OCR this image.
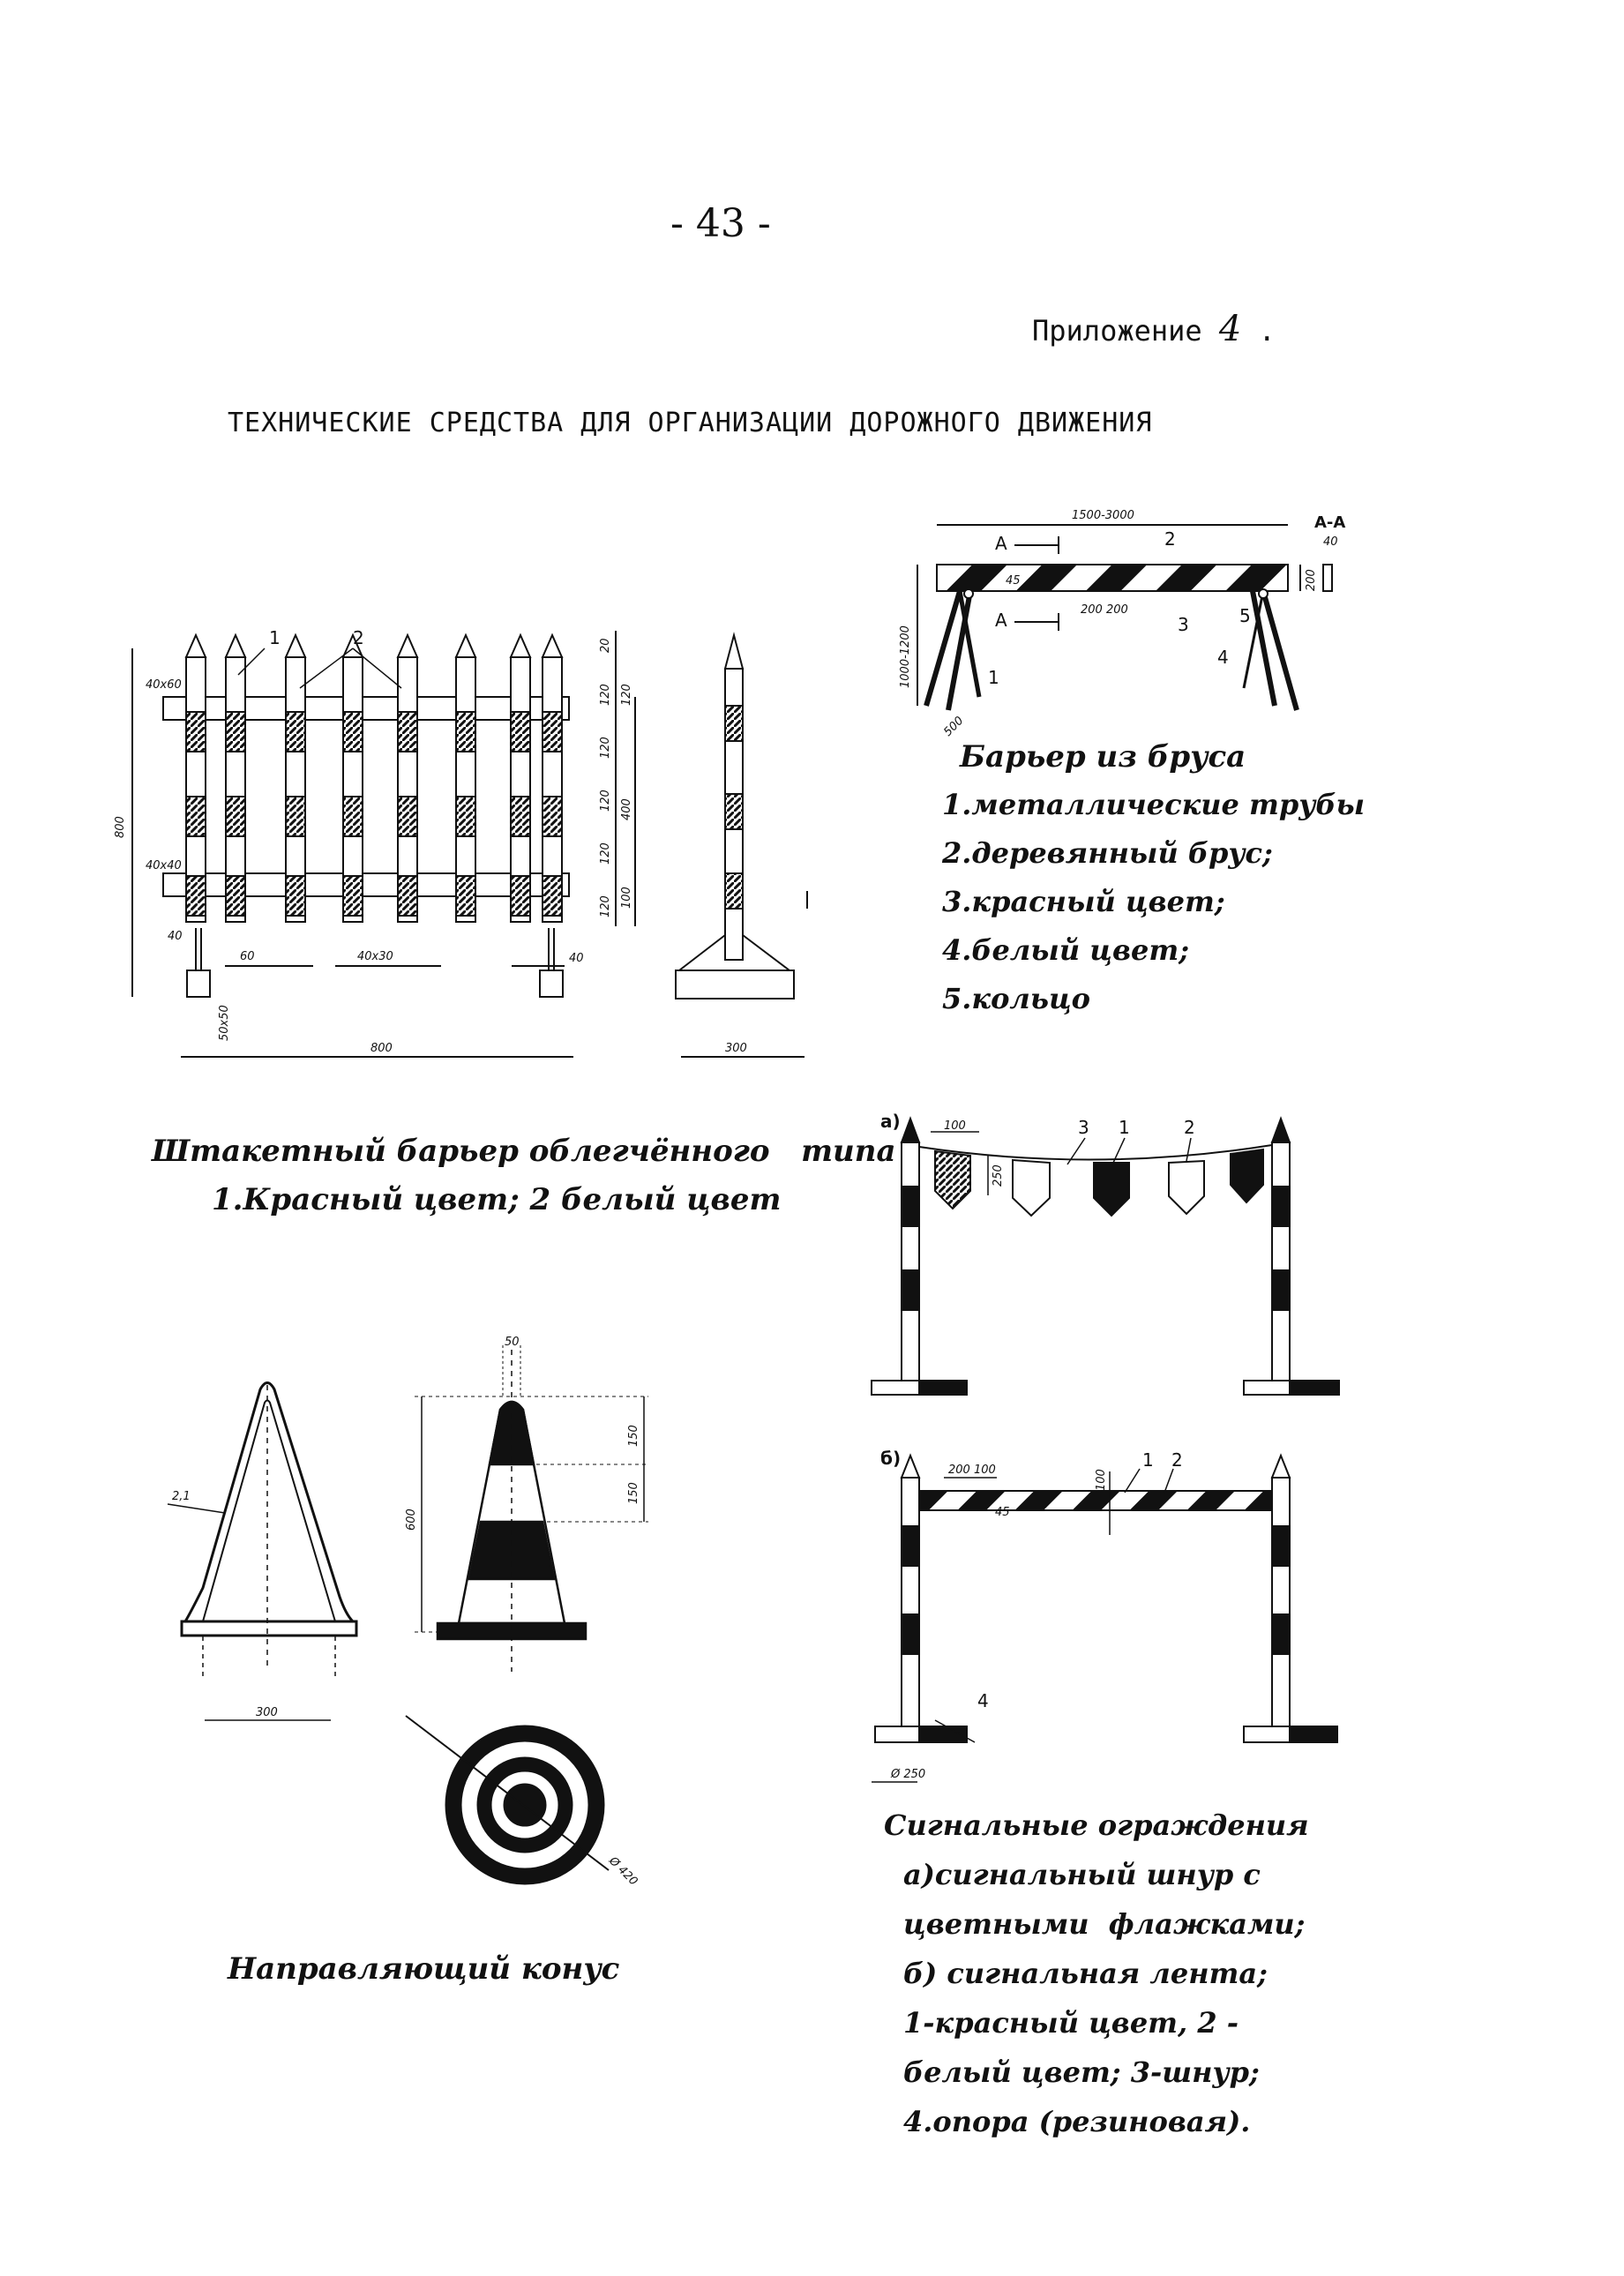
- 43 -
Приложение 4 .
ТЕХНИЧЕСКИЕ СРЕДСТВА ДЛЯ ОРГАНИЗАЦИИ ДОРОЖНОГО ДВИЖЕНИЯ
800
800
40x60
40x40
40x30
60
50x50
40
40
20
120
120
120
120
120
400
100
120
1	2
300
1500-3000	А-А
40
1000-1200
200 200
45	200
500
А
А
1
2
3
4
5
300
2,1
50
150
150
600
Ø 420
а)	100
250
3 1	2
б)
200 100	100
45
1 2
4
Ø 250
Барьер из бруса
1.металлические трубы
2.деревянный брус;
3.красный цвет;
4.белый цвет;
5.кольцо
Штакетный барьер облегчённого   типа
1.Красный цвет; 2 белый цвет
Направляющий конус
Сигнальные ограждения
а)сигнальный шнур с
цветными  флажками;
б) сигнальная лента;
1-красный цвет, 2 -
белый цвет; 3-шнур;
4.опора (резиновая).
